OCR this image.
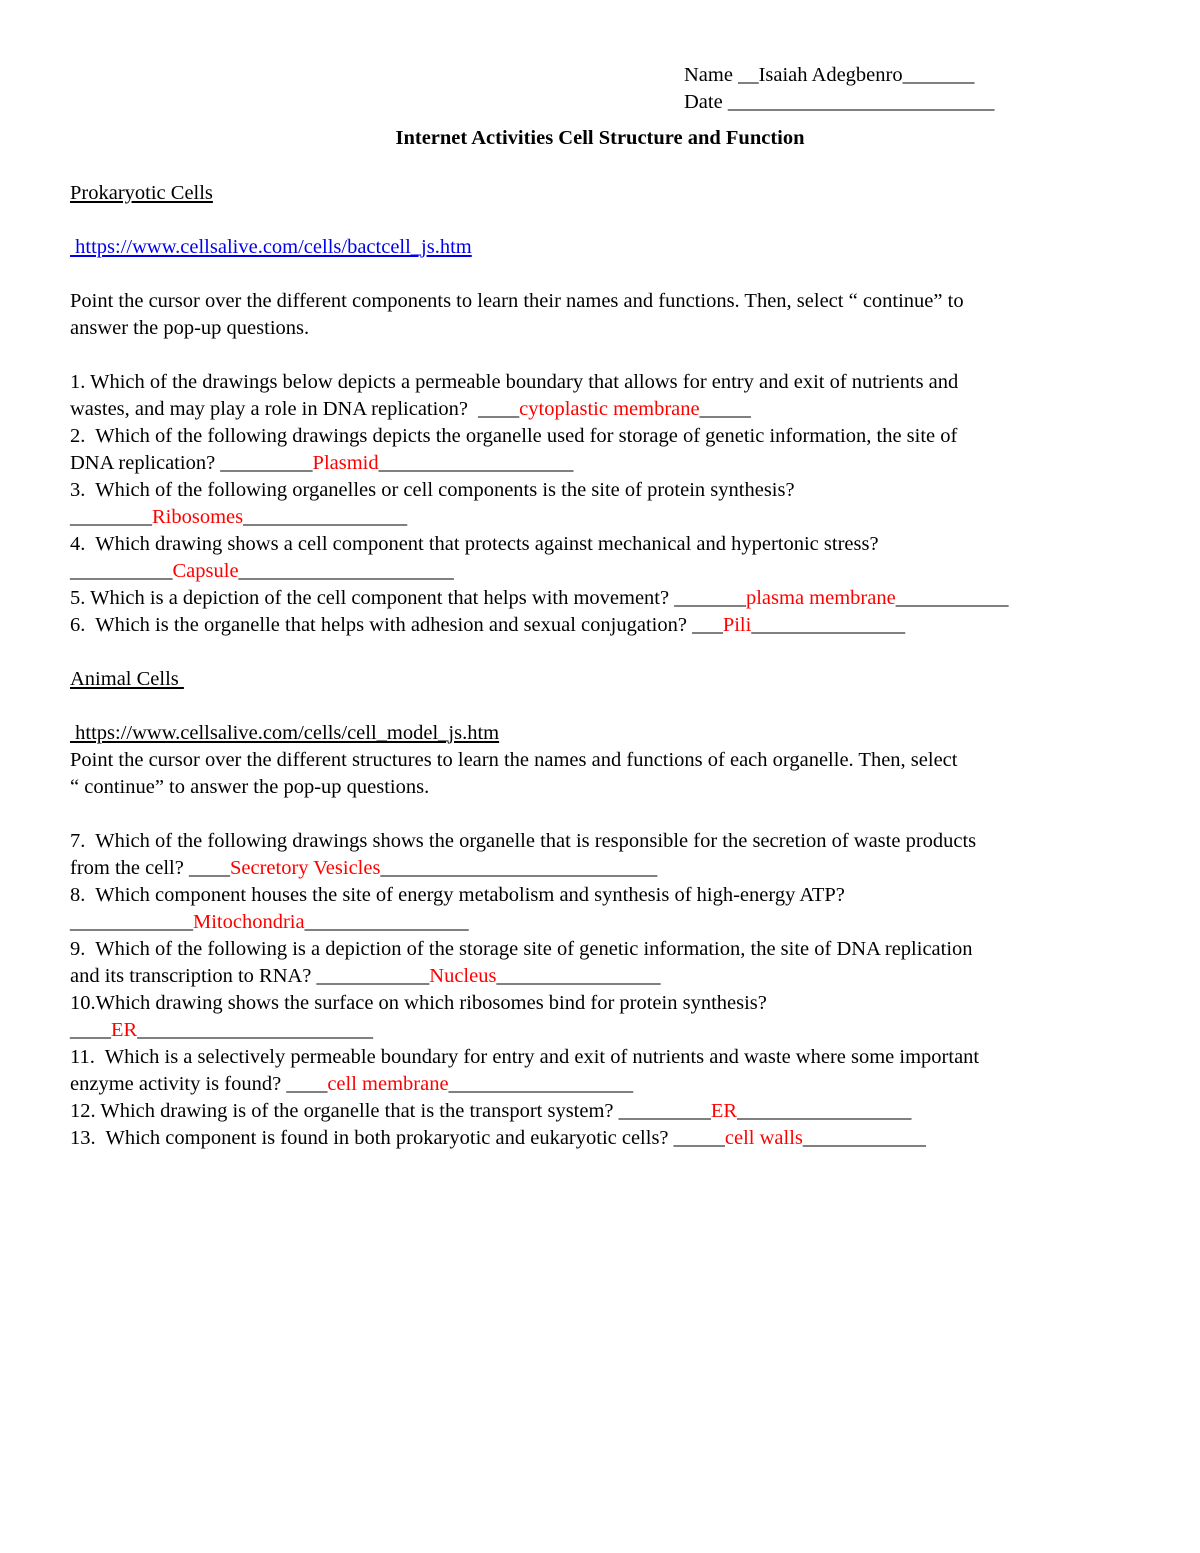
Name __Isaiah Adegbenro_______
Date __________________________
Internet Activities Cell Structure and Function

Prokaryotic Cells

https://www.cellsalive.com/cells/bactcell_js.htm

Point the cursor over the different components to learn their names and functions. Then, select “ continue” to

answer the pop-up questions.

1. Which of the drawings below depicts a permeable boundary that allows for entry and exit of nutrients and

wastes, and may play a role in DNA replication?  ____cytoplastic membrane_____

2.  Which of the following drawings depicts the organelle used for storage of genetic information, the site of

DNA replication? _________Plasmid___________________

3.  Which of the following organelles or cell components is the site of protein synthesis?

________Ribosomes________________

4.  Which drawing shows a cell component that protects against mechanical and hypertonic stress?

__________Capsule_____________________

5. Which is a depiction of the cell component that helps with movement? _______plasma membrane___________

6.  Which is the organelle that helps with adhesion and sexual conjugation? ___Pili_______________

Animal Cells

https://www.cellsalive.com/cells/cell_model_js.htm

Point the cursor over the different structures to learn the names and functions of each organelle. Then, select

“ continue” to answer the pop-up questions.

7.  Which of the following drawings shows the organelle that is responsible for the secretion of waste products

from the cell? ____Secretory Vesicles___________________________

8.  Which component houses the site of energy metabolism and synthesis of high-energy ATP?

____________Mitochondria________________

9.  Which of the following is a depiction of the storage site of genetic information, the site of DNA replication

and its transcription to RNA? ___________Nucleus________________

10.Which drawing shows the surface on which ribosomes bind for protein synthesis?

____ER_______________________

11.  Which is a selectively permeable boundary for entry and exit of nutrients and waste where some important

enzyme activity is found? ____cell membrane__________________

12. Which drawing is of the organelle that is the transport system? _________ER_________________

13.  Which component is found in both prokaryotic and eukaryotic cells? _____cell walls____________
